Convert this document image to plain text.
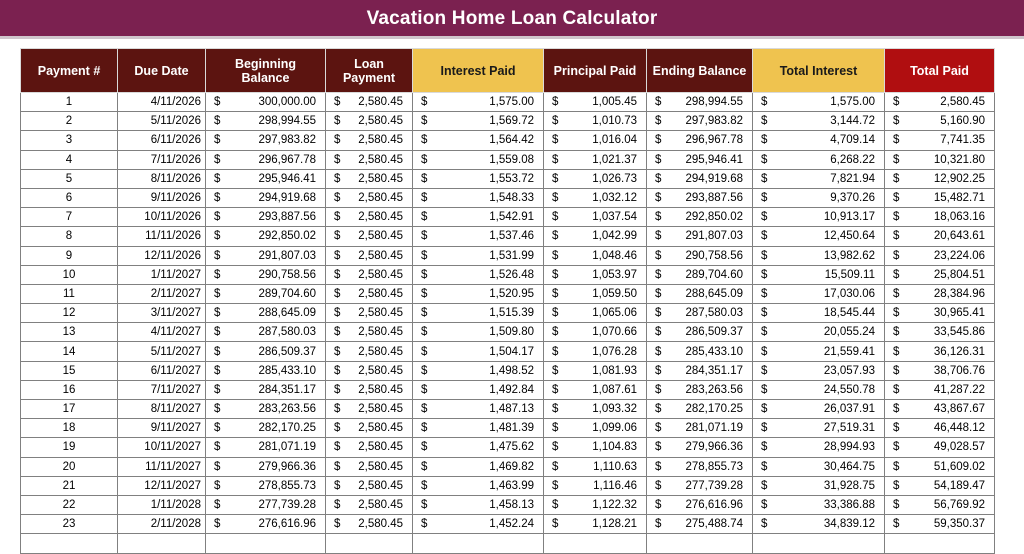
Vacation Home Loan Calculator
Payment #	Due Date	Beginning Balance	Loan Payment	Interest Paid	Principal Paid	Ending Balance	Total Interest	Total Paid
1	4/11/2026	$ 300,000.00	$ 2,580.45	$ 1,575.00	$ 1,005.45	$ 298,994.55	$ 1,575.00	$ 2,580.45

2	5/11/2026	$ 298,994.55	$ 2,580.45	$ 1,569.72	$ 1,010.73	$ 297,983.82	$ 3,144.72	$ 5,160.90

3	6/11/2026	$ 297,983.82	$ 2,580.45	$ 1,564.42	$ 1,016.04	$ 296,967.78	$ 4,709.14	$ 7,741.35

4	7/11/2026	$ 296,967.78	$ 2,580.45	$ 1,559.08	$ 1,021.37	$ 295,946.41	$ 6,268.22	$ 10,321.80

5	8/11/2026	$ 295,946.41	$ 2,580.45	$ 1,553.72	$ 1,026.73	$ 294,919.68	$ 7,821.94	$ 12,902.25

6	9/11/2026	$ 294,919.68	$ 2,580.45	$ 1,548.33	$ 1,032.12	$ 293,887.56	$ 9,370.26	$ 15,482.71

7	10/11/2026	$ 293,887.56	$ 2,580.45	$ 1,542.91	$ 1,037.54	$ 292,850.02	$ 10,913.17	$ 18,063.16

8	11/11/2026	$ 292,850.02	$ 2,580.45	$ 1,537.46	$ 1,042.99	$ 291,807.03	$ 12,450.64	$ 20,643.61

9	12/11/2026	$ 291,807.03	$ 2,580.45	$ 1,531.99	$ 1,048.46	$ 290,758.56	$ 13,982.62	$ 23,224.06

10	1/11/2027	$ 290,758.56	$ 2,580.45	$ 1,526.48	$ 1,053.97	$ 289,704.60	$ 15,509.11	$ 25,804.51

11	2/11/2027	$ 289,704.60	$ 2,580.45	$ 1,520.95	$ 1,059.50	$ 288,645.09	$ 17,030.06	$ 28,384.96

12	3/11/2027	$ 288,645.09	$ 2,580.45	$ 1,515.39	$ 1,065.06	$ 287,580.03	$ 18,545.44	$ 30,965.41

13	4/11/2027	$ 287,580.03	$ 2,580.45	$ 1,509.80	$ 1,070.66	$ 286,509.37	$ 20,055.24	$ 33,545.86

14	5/11/2027	$ 286,509.37	$ 2,580.45	$ 1,504.17	$ 1,076.28	$ 285,433.10	$ 21,559.41	$ 36,126.31

15	6/11/2027	$ 285,433.10	$ 2,580.45	$ 1,498.52	$ 1,081.93	$ 284,351.17	$ 23,057.93	$ 38,706.76

16	7/11/2027	$ 284,351.17	$ 2,580.45	$ 1,492.84	$ 1,087.61	$ 283,263.56	$ 24,550.78	$ 41,287.22

17	8/11/2027	$ 283,263.56	$ 2,580.45	$ 1,487.13	$ 1,093.32	$ 282,170.25	$ 26,037.91	$ 43,867.67

18	9/11/2027	$ 282,170.25	$ 2,580.45	$ 1,481.39	$ 1,099.06	$ 281,071.19	$ 27,519.31	$ 46,448.12

19	10/11/2027	$ 281,071.19	$ 2,580.45	$ 1,475.62	$ 1,104.83	$ 279,966.36	$ 28,994.93	$ 49,028.57

20	11/11/2027	$ 279,966.36	$ 2,580.45	$ 1,469.82	$ 1,110.63	$ 278,855.73	$ 30,464.75	$ 51,609.02

21	12/11/2027	$ 278,855.73	$ 2,580.45	$ 1,463.99	$ 1,116.46	$ 277,739.28	$ 31,928.75	$ 54,189.47

22	1/11/2028	$ 277,739.28	$ 2,580.45	$ 1,458.13	$ 1,122.32	$ 276,616.96	$ 33,386.88	$ 56,769.92

23	2/11/2028	$ 276,616.96	$ 2,580.45	$ 1,452.24	$ 1,128.21	$ 275,488.74	$ 34,839.12	$ 59,350.37
